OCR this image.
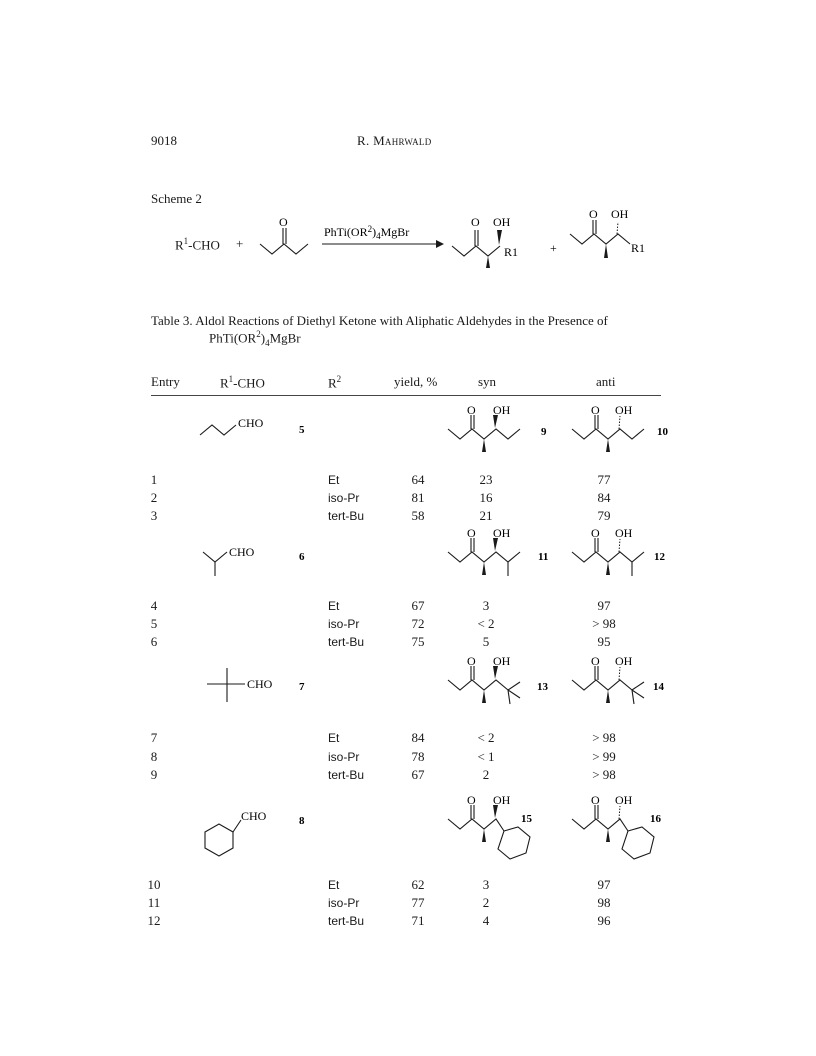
9018	R. Mahrwald
Scheme 2
$R^1$-CHO +
O
$PhTi(OR^2)_4MgBr$
O OH
R1	+
O OH
R1
Table 3. Aldol Reactions of Diethyl Ketone with Aliphatic Aldehydes in the Presence of
$PhTi(OR^2)_4MgBr$
Entry	$R^1$-CHO	$R^2$	yield, %	syn	anti
CHO	5
O OH
9
O OH
10
1	Et	64	23	77
2	iso-Pr	81	16	84
3	tert-Bu	58	21	79
CHO	6
O OH
11
O OH
12
4	Et	67	3	97
5	iso-Pr	72	< 2	> 98
6	tert-Bu	75	5	95
CHO 7
O OH
13
O OH
14
7	Et	84	< 2	> 98
8	iso-Pr	78	< 1	> 99
9	tert-Bu	67	2	> 98
CHO	8
O OH
15
O OH
16
10	Et	62	3	97
11	iso-Pr	77	2	98
12	tert-Bu	71	4	96
